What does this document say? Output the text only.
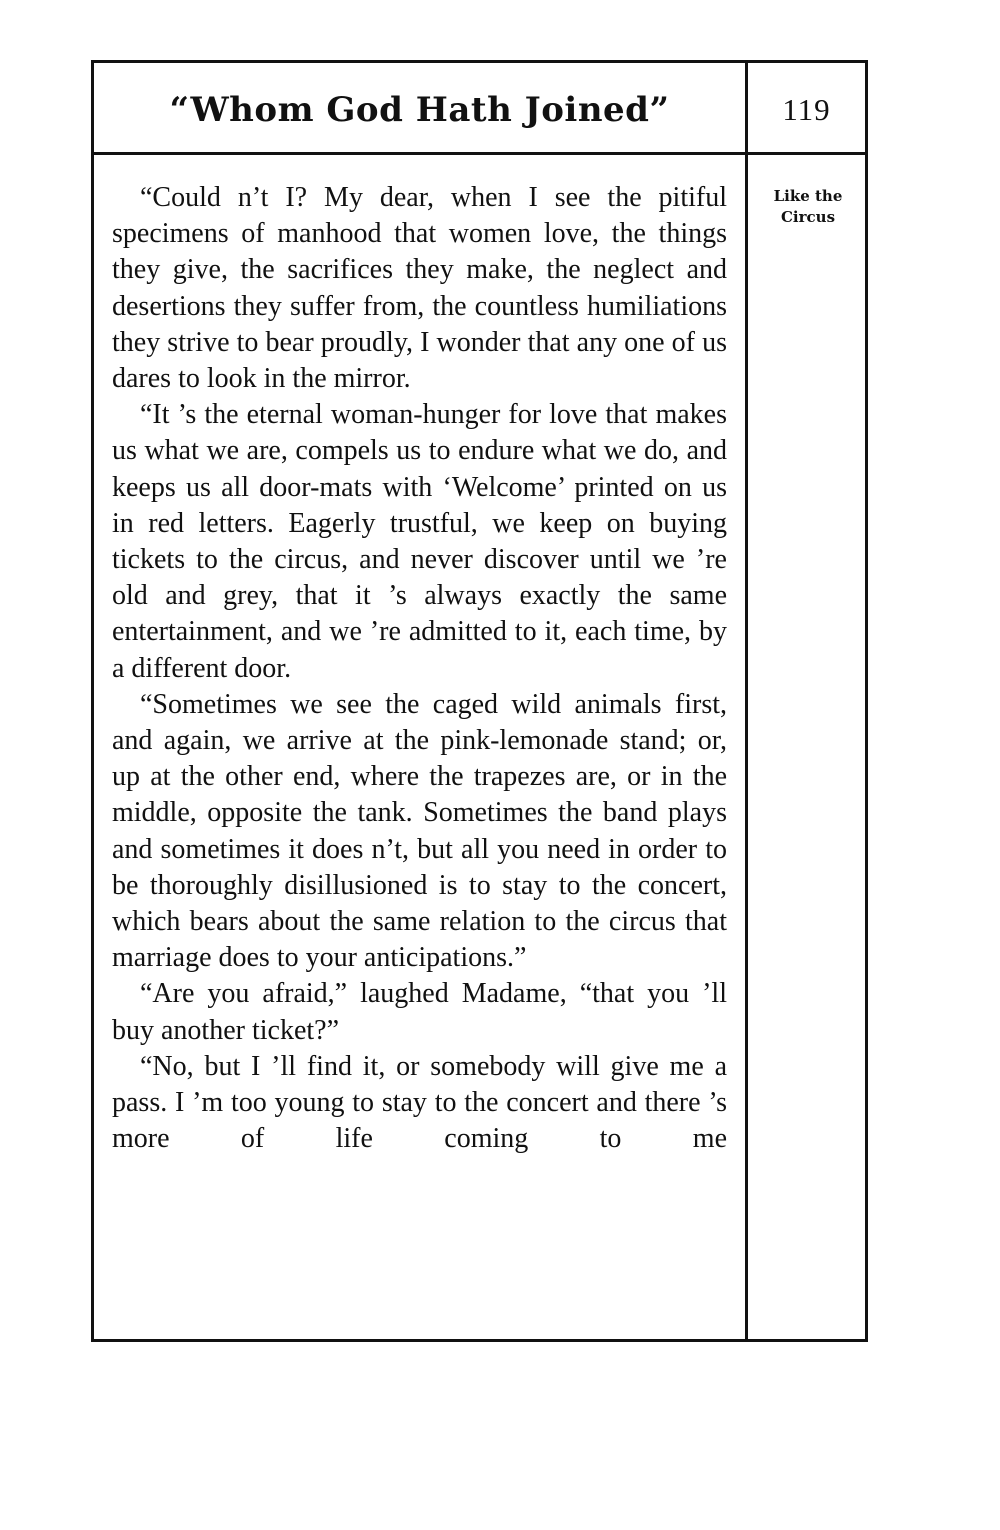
“Whom God Hath Joined”	119
Like the
Circus

“Could n’t I? My dear, when I see the pitiful specimens of manhood that women love, the things they give, the sacrifices they make, the neglect and desertions they suffer from, the countless humiliations they strive to bear proudly, I wonder that any one of us dares to look in the mirror.

“It ’s the eternal woman-hunger for love that makes us what we are, compels us to endure what we do, and keeps us all door-mats with ‘Welcome’ printed on us in red letters. Eagerly trustful, we keep on buying tickets to the circus, and never discover until we ’re old and grey, that it ’s always exactly the same entertainment, and we ’re admitted to it, each time, by a different door.

“Sometimes we see the caged wild animals first, and again, we arrive at the pink-lemonade stand; or, up at the other end, where the trapezes are, or in the middle, opposite the tank. Sometimes the band plays and sometimes it does n’t, but all you need in order to be thoroughly disillusioned is to stay to the concert, which bears about the same relation to the circus that marriage does to your anticipations.”

“Are you afraid,” laughed Madame, “that you ’ll buy another ticket?”

“No, but I ’ll find it, or somebody will give me a pass. I ’m too young to stay to the concert and there ’s more of life coming to me
